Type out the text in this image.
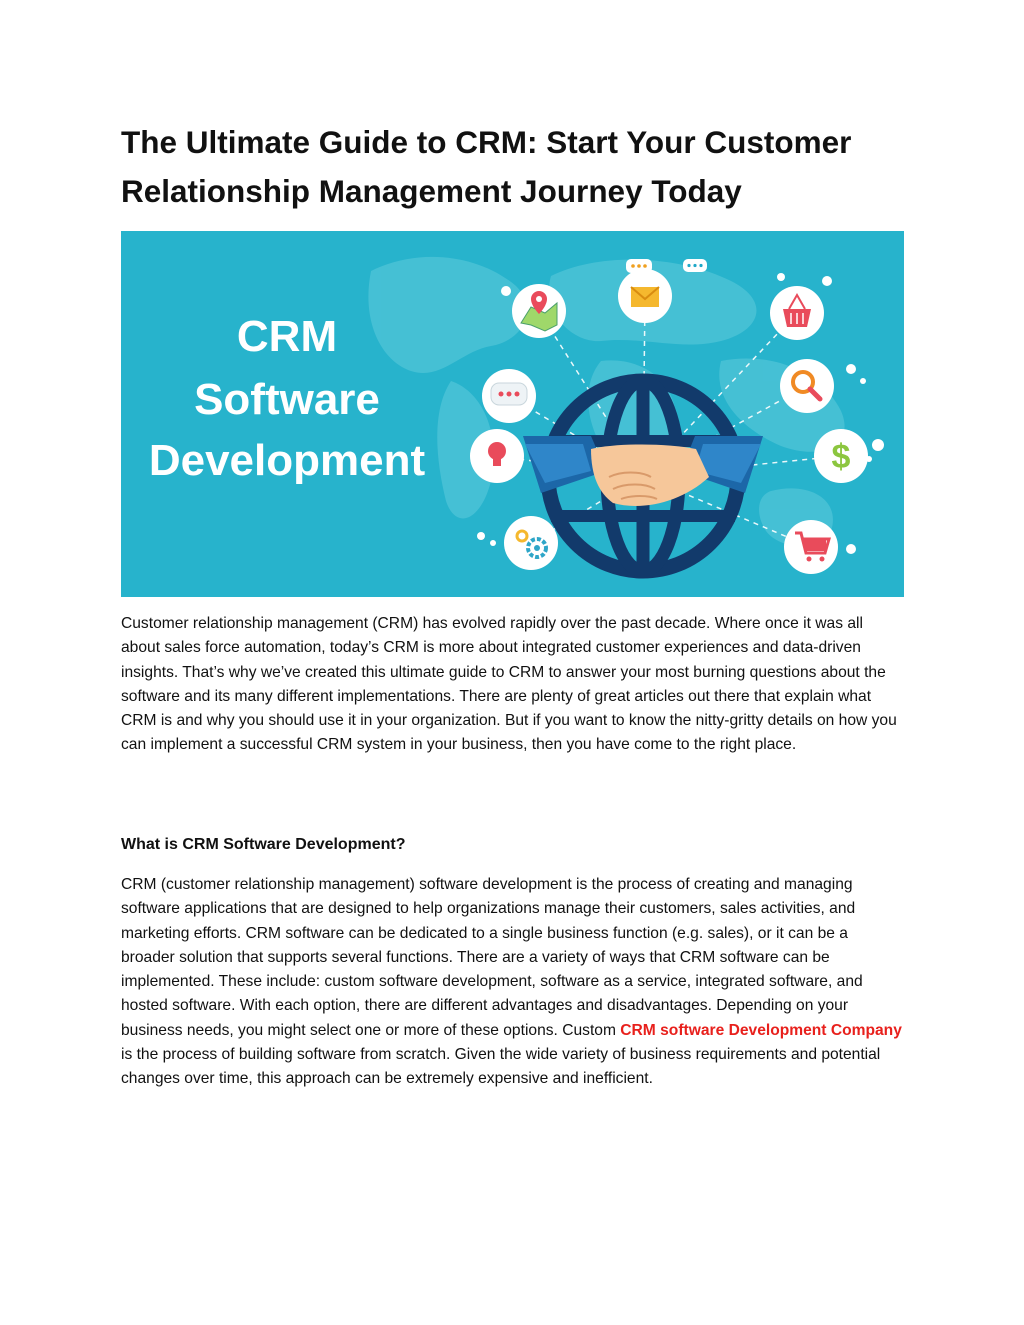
The Ultimate Guide to CRM: Start Your Customer Relationship Management Journey Today
$
CRM
Software
Development

Customer relationship management (CRM) has evolved rapidly over the past decade. Where once it was all about sales force automation, today’s CRM is more about integrated customer experiences and data-driven insights. That’s why we’ve created this ultimate guide to CRM to answer your most burning questions about the software and its many different implementations. There are plenty of great articles out there that explain what CRM is and why you should use it in your organization. But if you want to know the nitty-gritty details on how you can implement a successful CRM system in your business, then you have come to the right place.

What is CRM Software Development?

CRM (customer relationship management) software development is the process of creating and managing software applications that are designed to help organizations manage their customers, sales activities, and marketing efforts. CRM software can be dedicated to a single business function (e.g. sales), or it can be a broader solution that supports several functions. There are a variety of ways that CRM software can be implemented. These include: custom software development, software as a service, integrated software, and hosted software. With each option, there are different advantages and disadvantages. Depending on your business needs, you might select one or more of these options. Custom CRM software Development Company is the process of building software from scratch. Given the wide variety of business requirements and potential changes over time, this approach can be extremely expensive and inefficient.
